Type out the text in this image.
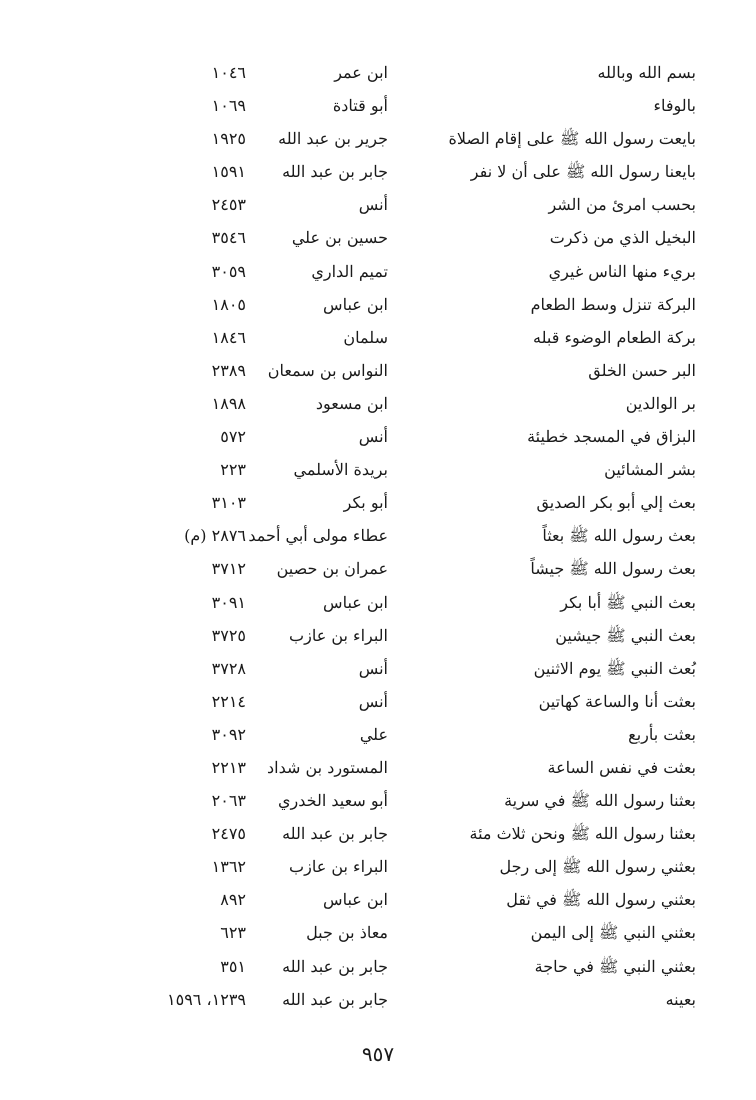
بسم الله وبالله
ابن عمر
١٠٤٦
بالوفاء
أبو قتادة
١٠٦٩
بايعت رسول الله ﷺ على إقام الصلاة
جرير بن عبد الله
١٩٢٥
بايعنا رسول الله ﷺ على أن لا نفر
جابر بن عبد الله
١٥٩١
بحسب امرئ من الشر
أنس
٢٤٥٣
البخيل الذي من ذكرت
حسين بن علي
٣٥٤٦
بريء منها الناس غيري
تميم الداري
٣٠٥٩
البركة تنزل وسط الطعام
ابن عباس
١٨٠٥
بركة الطعام الوضوء قبله
سلمان
١٨٤٦
البر حسن الخلق
النواس بن سمعان
٢٣٨٩
بر الوالدين
ابن مسعود
١٨٩٨
البزاق في المسجد خطيئة
أنس
٥٧٢
بشر المشائين
بريدة الأسلمي
٢٢٣
بعث إلي أبو بكر الصديق
أبو بكر
٣١٠٣
بعث رسول الله ﷺ بعثاً
عطاء مولى أبي أحمد
٢٨٧٦ (م)
بعث رسول الله ﷺ جيشاً
عمران بن حصين
٣٧١٢
بعث النبي ﷺ أبا بكر
ابن عباس
٣٠٩١
بعث النبي ﷺ جيشين
البراء بن عازب
٣٧٢٥
بُعث النبي ﷺ يوم الاثنين
أنس
٣٧٢٨
بعثت أنا والساعة كهاتين
أنس
٢٢١٤
بعثت بأربع
علي
٣٠٩٢
بعثت في نفس الساعة
المستورد بن شداد
٢٢١٣
بعثنا رسول الله ﷺ في سرية
أبو سعيد الخدري
٢٠٦٣
بعثنا رسول الله ﷺ ونحن ثلاث مئة
جابر بن عبد الله
٢٤٧٥
بعثني رسول الله ﷺ إلى رجل
البراء بن عازب
١٣٦٢
بعثني رسول الله ﷺ في ثقل
ابن عباس
٨٩٢
بعثني النبي ﷺ إلى اليمن
معاذ بن جبل
٦٢٣
بعثني النبي ﷺ في حاجة
جابر بن عبد الله
٣٥١
بعينه
جابر بن عبد الله
١٢٣٩، ١٥٩٦
٩٥٧
